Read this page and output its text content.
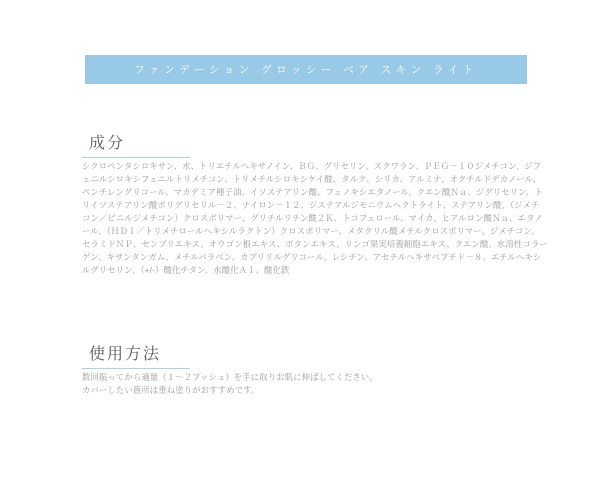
ファンデーション グロッシー ベア スキン ライト
成分
シクロペンタシロキサン、水、トリエチルヘキサノイン、ＢＧ、グリセリン、スクワラン、ＰＥＧ－１０ジメチコン、ジフ
ェニルシロキシフェニルトリメチコン、トリメチルシロキシケイ酸、タルク、シリカ、アルミナ、オクチルドデカノール、
ペンチレングリコール、マカデミア種子油、イソステアリン酸、フェノキシエタノール、クエン酸Ｎａ、ジグリセリン、ト
リイソステアリン酸ポリグリセリル－２、ナイロン－１２、ジステアルジモニウムヘクトライト、ステアリン酸、（ジメチ
コン／ビニルジメチコン）クロスポリマー、グリチルリチン酸２Ｋ、トコフェロール、マイカ、ヒアルロン酸Ｎａ、エタノ
ール、（ＨＤＩ／トリメチロールヘキシルラクトン）クロスポリマー、メタクリル酸メチルクロスポリマー、ジメチコン、
セラミドＮＰ、センブリエキス、オウゴン根エキス、ボタンエキス、リンゴ果実培養細胞エキス、クエン酸、水溶性コラー
ゲン、キサンタンガム、メチルパラベン、カプリリルグリコール、レシチン、アセチルヘキサペプチド－８、エチルヘキシ
ルグリセリン、（+/-）酸化チタン、水酸化Ａｌ、酸化鉄
使用方法
数回振ってから適量（１～２プッシュ）を手に取りお肌に伸ばしてください。
カバーしたい箇所は重ね塗りがおすすめです。
